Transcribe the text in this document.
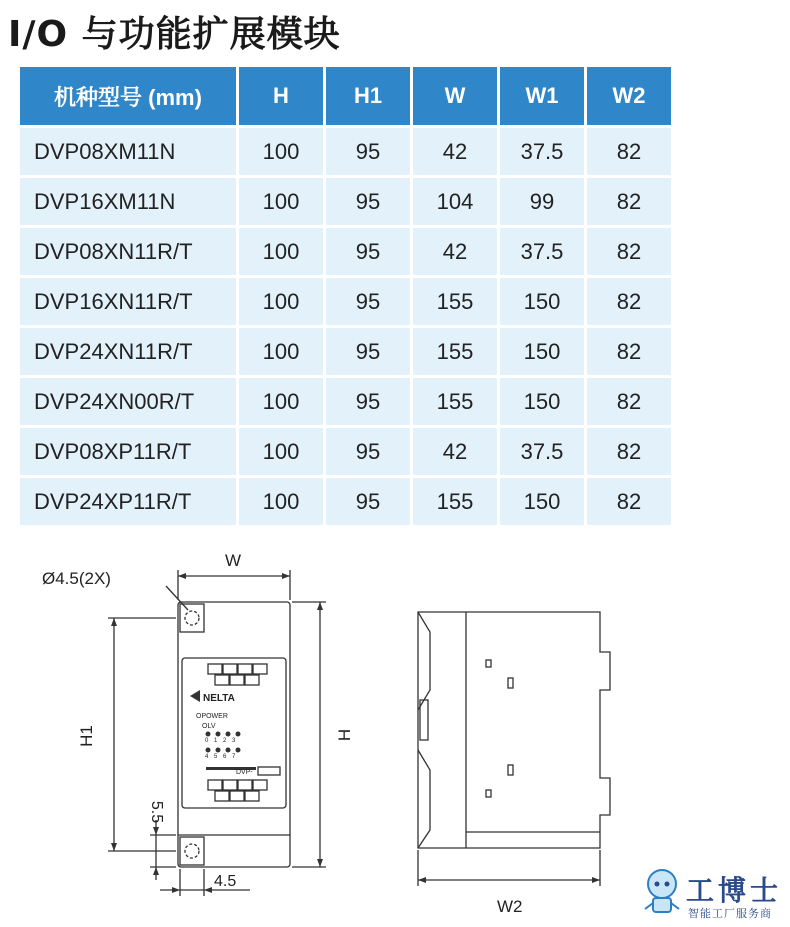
I/O 与功能扩展模块
机种型号 (mm)	H	H1	W	W1	W2
DVP08XM11N	100	95	42	37.5	82
DVP16XM11N	100	95	104	99	82
DVP08XN11R/T	100	95	42	37.5	82
DVP16XN11R/T	100	95	155	150	82
DVP24XN11R/T	100	95	155	150	82
DVP24XN00R/T	100	95	155	150	82
DVP08XP11R/T	100	95	42	37.5	82
DVP24XP11R/T	100	95	155	150	82
Ø4.5(2X)
W
H1	H
5.5
4.5
W2
NELTA
OPOWER
OLV
0 1 2 3
4 5 6 7
DVP-
工博士
智能工厂服务商
